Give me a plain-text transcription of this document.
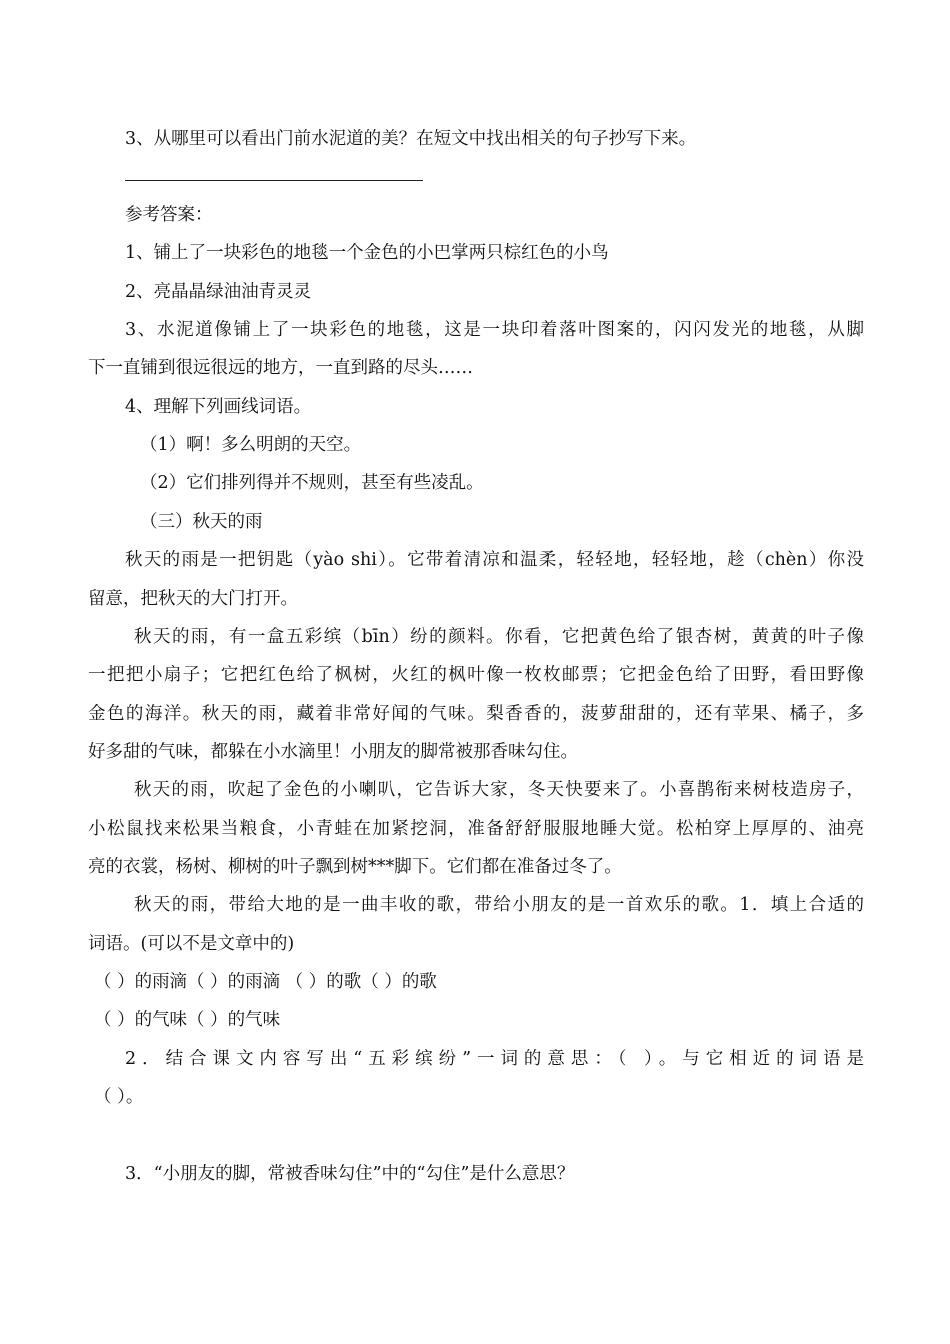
3、从哪里可以看出门前水泥道的美？在短文中找出相关的句子抄写下来。
参考答案：
1、铺上了一块彩色的地毯一个金色的小巴掌两只棕红色的小鸟
2、亮晶晶绿油油青灵灵
3、水泥道像铺上了一块彩色的地毯，这是一块印着落叶图案的，闪闪发光的地毯，从脚
下一直铺到很远很远的地方，一直到路的尽头……
4、理解下列画线词语。
（1）啊！多么明朗的天空。
（2）它们排列得并不规则，甚至有些凌乱。
（三）秋天的雨
秋天的雨是一把钥匙（yào shi）。它带着清凉和温柔，轻轻地，轻轻地，趁（chèn）你没
留意，把秋天的大门打开。
秋天的雨，有一盒五彩缤（bīn）纷的颜料。你看，它把黄色给了银杏树，黄黄的叶子像
一把把小扇子；它把红色给了枫树，火红的枫叶像一枚枚邮票；它把金色给了田野，看田野像
金色的海洋。秋天的雨，藏着非常好闻的气味。梨香香的，菠萝甜甜的，还有苹果、橘子，多
好多甜的气味，都躲在小水滴里！小朋友的脚常被那香味勾住。
秋天的雨，吹起了金色的小喇叭，它告诉大家，冬天快要来了。小喜鹊衔来树枝造房子，
小松鼠找来松果当粮食，小青蛙在加紧挖洞，准备舒舒服服地睡大觉。松柏穿上厚厚的、油亮
亮的衣裳，杨树、柳树的叶子飘到树***脚下。它们都在准备过冬了。
秋天的雨，带给大地的是一曲丰收的歌，带给小朋友的是一首欢乐的歌。1．填上合适的
词语。(可以不是文章中的)
（ ）的雨滴（ ）的雨滴 （ ）的歌（ ）的歌
（ ）的气味（ ）的气味
2．结合课文内容写出“五彩缤纷”一词的意思：（ ）。与它相近的词语是
（ ）。
3．“小朋友的脚，常被香味勾住”中的“勾住”是什么意思？
